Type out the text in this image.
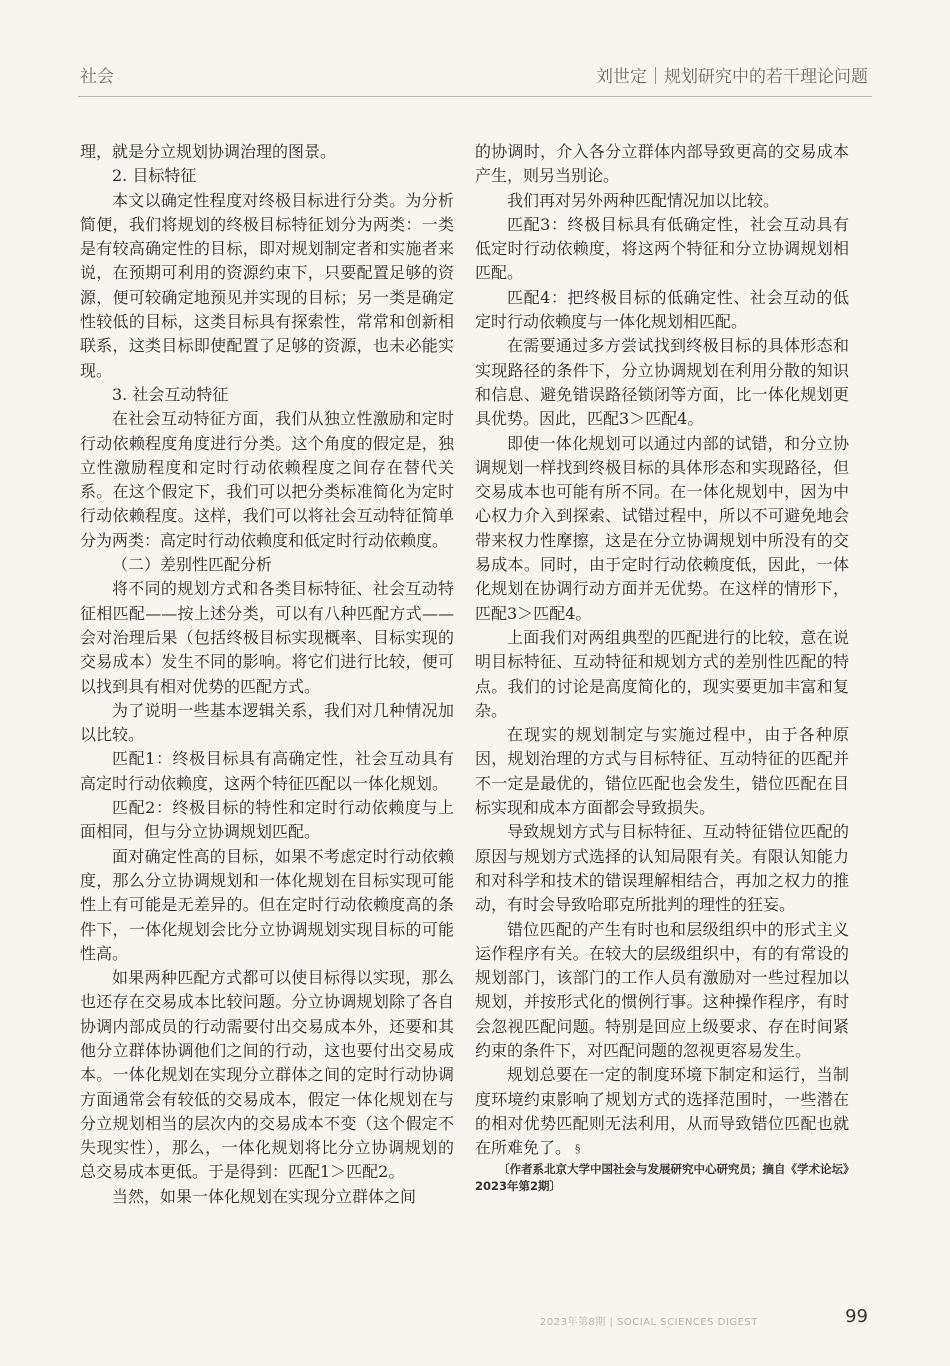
社会	刘世定｜规划研究中的若干理论问题

理，就是分立规划协调治理的图景。

2. 目标特征

本文以确定性程度对终极目标进行分类。为分析简便，我们将规划的终极目标特征划分为两类：一类是有较高确定性的目标，即对规划制定者和实施者来说，在预期可利用的资源约束下，只要配置足够的资源，便可较确定地预见并实现的目标；另一类是确定性较低的目标，这类目标具有探索性，常常和创新相联系，这类目标即使配置了足够的资源，也未必能实现。

3. 社会互动特征

在社会互动特征方面，我们从独立性激励和定时行动依赖程度角度进行分类。这个角度的假定是，独立性激励程度和定时行动依赖程度之间存在替代关系。在这个假定下，我们可以把分类标准简化为定时行动依赖程度。这样，我们可以将社会互动特征简单分为两类：高定时行动依赖度和低定时行动依赖度。

（二）差别性匹配分析

将不同的规划方式和各类目标特征、社会互动特征相匹配——按上述分类，可以有八种匹配方式——会对治理后果（包括终极目标实现概率、目标实现的交易成本）发生不同的影响。将它们进行比较，便可以找到具有相对优势的匹配方式。

为了说明一些基本逻辑关系，我们对几种情况加以比较。

匹配1：终极目标具有高确定性，社会互动具有高定时行动依赖度，这两个特征匹配以一体化规划。

匹配2：终极目标的特性和定时行动依赖度与上面相同，但与分立协调规划匹配。

面对确定性高的目标，如果不考虑定时行动依赖度，那么分立协调规划和一体化规划在目标实现可能性上有可能是无差异的。但在定时行动依赖度高的条件下，一体化规划会比分立协调规划实现目标的可能性高。

如果两种匹配方式都可以使目标得以实现，那么也还存在交易成本比较问题。分立协调规划除了各自协调内部成员的行动需要付出交易成本外，还要和其他分立群体协调他们之间的行动，这也要付出交易成本。一体化规划在实现分立群体之间的定时行动协调方面通常会有较低的交易成本，假定一体化规划在与分立规划相当的层次内的交易成本不变（这个假定不失现实性），那么，一体化规划将比分立协调规划的总交易成本更低。于是得到：匹配1＞匹配2。

当然，如果一体化规划在实现分立群体之间

的协调时，介入各分立群体内部导致更高的交易成本产生，则另当别论。

我们再对另外两种匹配情况加以比较。

匹配3：终极目标具有低确定性，社会互动具有低定时行动依赖度，将这两个特征和分立协调规划相匹配。

匹配4：把终极目标的低确定性、社会互动的低定时行动依赖度与一体化规划相匹配。

在需要通过多方尝试找到终极目标的具体形态和实现路径的条件下，分立协调规划在利用分散的知识和信息、避免错误路径锁闭等方面，比一体化规划更具优势。因此，匹配3＞匹配4。

即使一体化规划可以通过内部的试错，和分立协调规划一样找到终极目标的具体形态和实现路径，但交易成本也可能有所不同。在一体化规划中，因为中心权力介入到探索、试错过程中，所以不可避免地会带来权力性摩擦，这是在分立协调规划中所没有的交易成本。同时，由于定时行动依赖度低，因此，一体化规划在协调行动方面并无优势。在这样的情形下，匹配3＞匹配4。

上面我们对两组典型的匹配进行的比较，意在说明目标特征、互动特征和规划方式的差别性匹配的特点。我们的讨论是高度简化的，现实要更加丰富和复杂。

在现实的规划制定与实施过程中，由于各种原因，规划治理的方式与目标特征、互动特征的匹配并不一定是最优的，错位匹配也会发生，错位匹配在目标实现和成本方面都会导致损失。

导致规划方式与目标特征、互动特征错位匹配的原因与规划方式选择的认知局限有关。有限认知能力和对科学和技术的错误理解相结合，再加之权力的推动，有时会导致哈耶克所批判的理性的狂妄。

错位匹配的产生有时也和层级组织中的形式主义运作程序有关。在较大的层级组织中，有的有常设的规划部门，该部门的工作人员有激励对一些过程加以规划，并按形式化的惯例行事。这种操作程序，有时会忽视匹配问题。特别是回应上级要求、存在时间紧约束的条件下，对匹配问题的忽视更容易发生。

规划总要在一定的制度环境下制定和运行，当制度环境约束影响了规划方式的选择范围时，一些潜在的相对优势匹配则无法利用，从而导致错位匹配也就在所难免了。 §

〔作者系北京大学中国社会与发展研究中心研究员；摘自《学术论坛》2023年第2期〕

2023年第8期 | SOCIAL SCIENCES DIGEST	99
